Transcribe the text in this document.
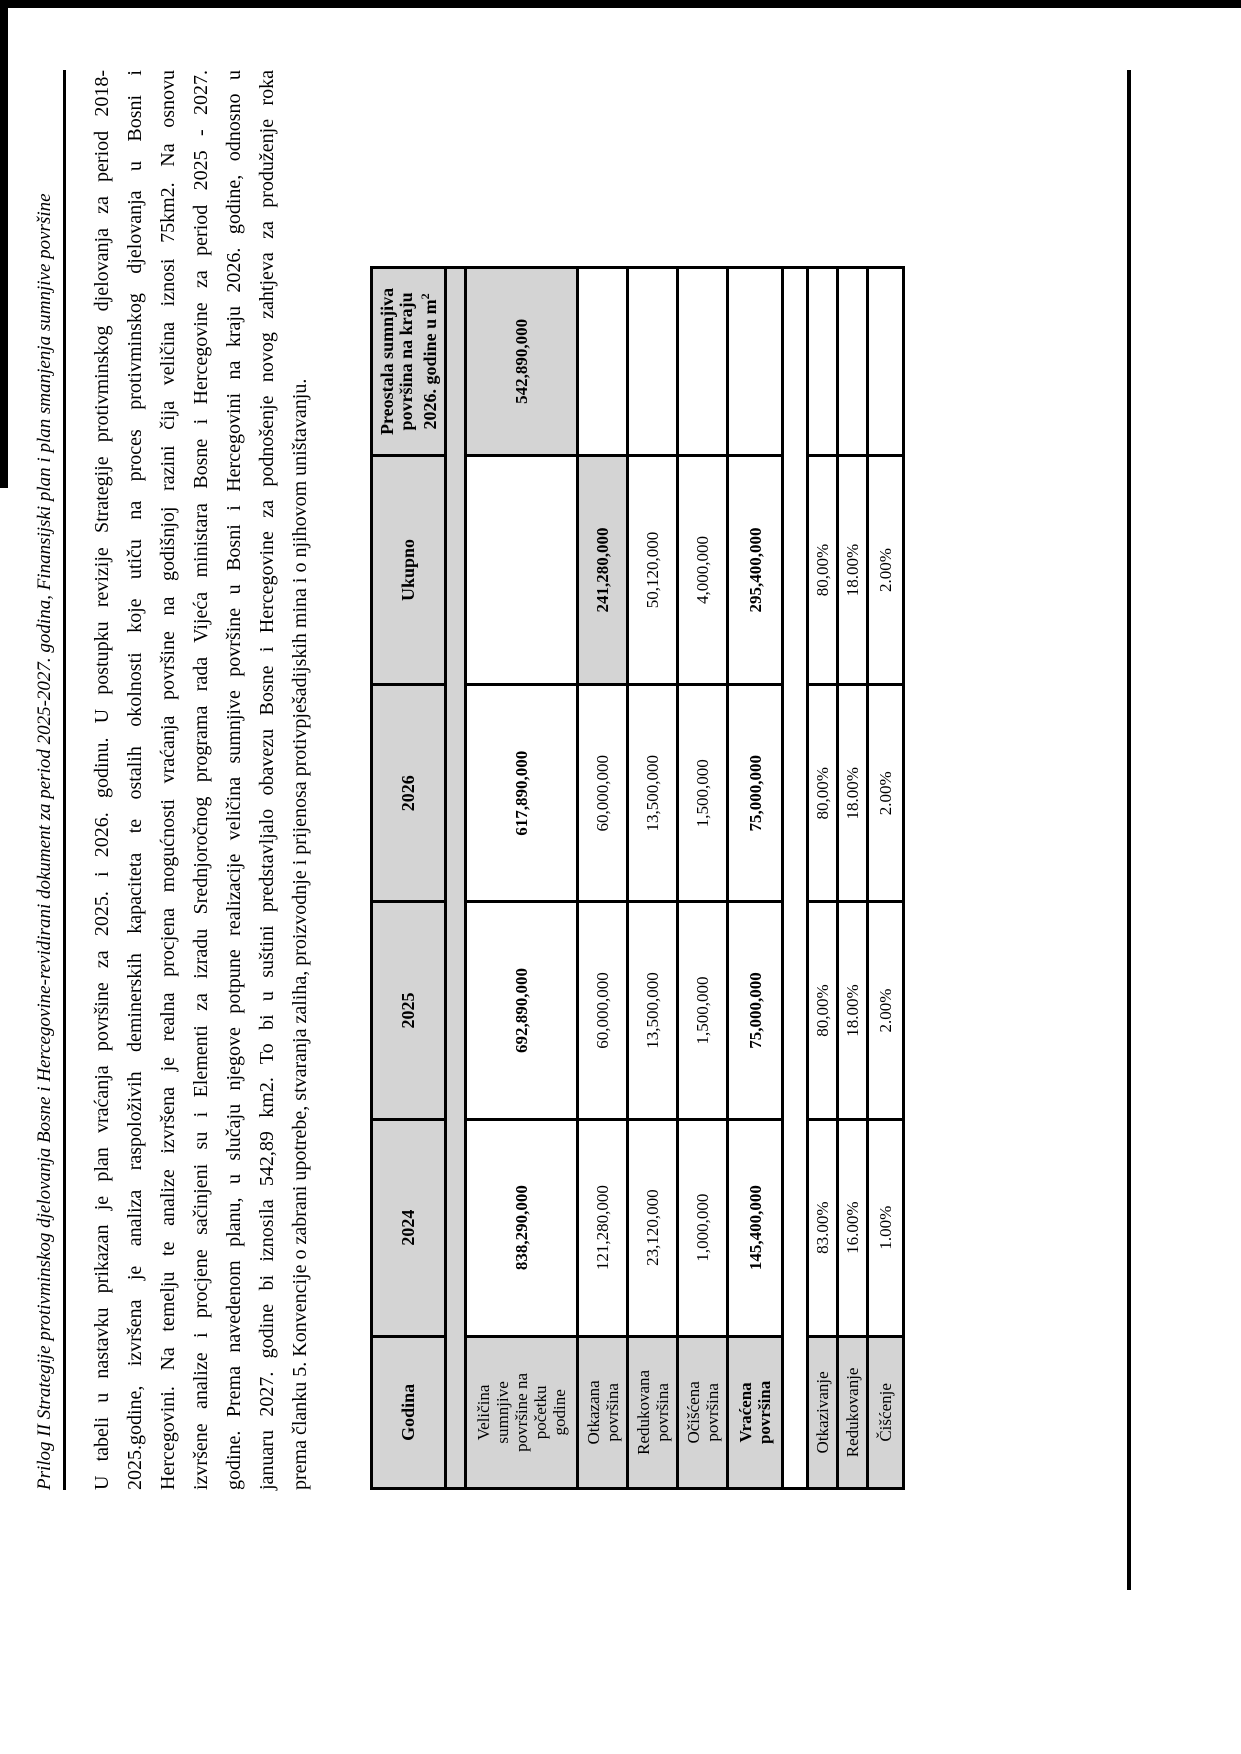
Prilog II Strategije protivminskog djelovanja Bosne i Hercegovine-revidirani dokument za period 2025-2027. godina, Finansijski plan i plan smanjenja sumnjive površine	U tabeli u nastavku prikazan je plan vraćanja površine za 2025. i 2026. godinu. U postupku revizije Strategije protivminskog djelovanja za period 2018- 2025.godine, izvršena je analiza raspoloživih deminerskih kapaciteta te ostalih okolnosti koje utiču na proces protivminskog djelovanja u Bosni i Hercegovini. Na temelju te analize izvršena je realna procjena mogućnosti vraćanja površine na godišnjoj razini čija veličina iznosi 75km2. Na osnovu izvršene analize i procjene sačinjeni su i Elementi za izradu Srednjoročnog programa rada Vijeća ministara Bosne i Hercegovine za period 2025 - 2027. godine. Prema navedenom planu, u slučaju njegove potpune realizacije veličina sumnjive površine u Bosni i Hercegovini na kraju 2026. godine, odnosno u januaru 2027. godine bi iznosila 542,89 km2. To bi u suštini predstavljalo obavezu Bosne i Hercegovine za podnošenje novog zahtjeva za produženje roka prema članku 5. Konvencije o zabrani upotrebe, stvaranja zaliha, proizvodnje i prijenosa protivpješadijskih mina i o njihovom uništavanju.	Godina	2024	2025	2026	Ukupno	Preostala sumnjiva površina na kraju 2026. godine u $m^2$

Veličina sumnjive površine na početku godine	838,290,000	692,890,000	617,890,000		542,890,000
Otkazana površina	121,280,000	60,000,000	60,000,000	241,280,000	
Redukovana površina	23,120,000	13,500,000	13,500,000	50,120,000	
Očišćena površina	1,000,000	1,500,000	1,500,000	4,000,000	
Vraćena površina	145,400,000	75,000,000	75,000,000	295,400,000	

Otkazivanje	83.00%	80,00%	80,00%	80,00%	
Redukovanje	16.00%	18.00%	18.00%	18.00%	
Čišćenje	1.00%	2.00%	2.00%	2.00%	
